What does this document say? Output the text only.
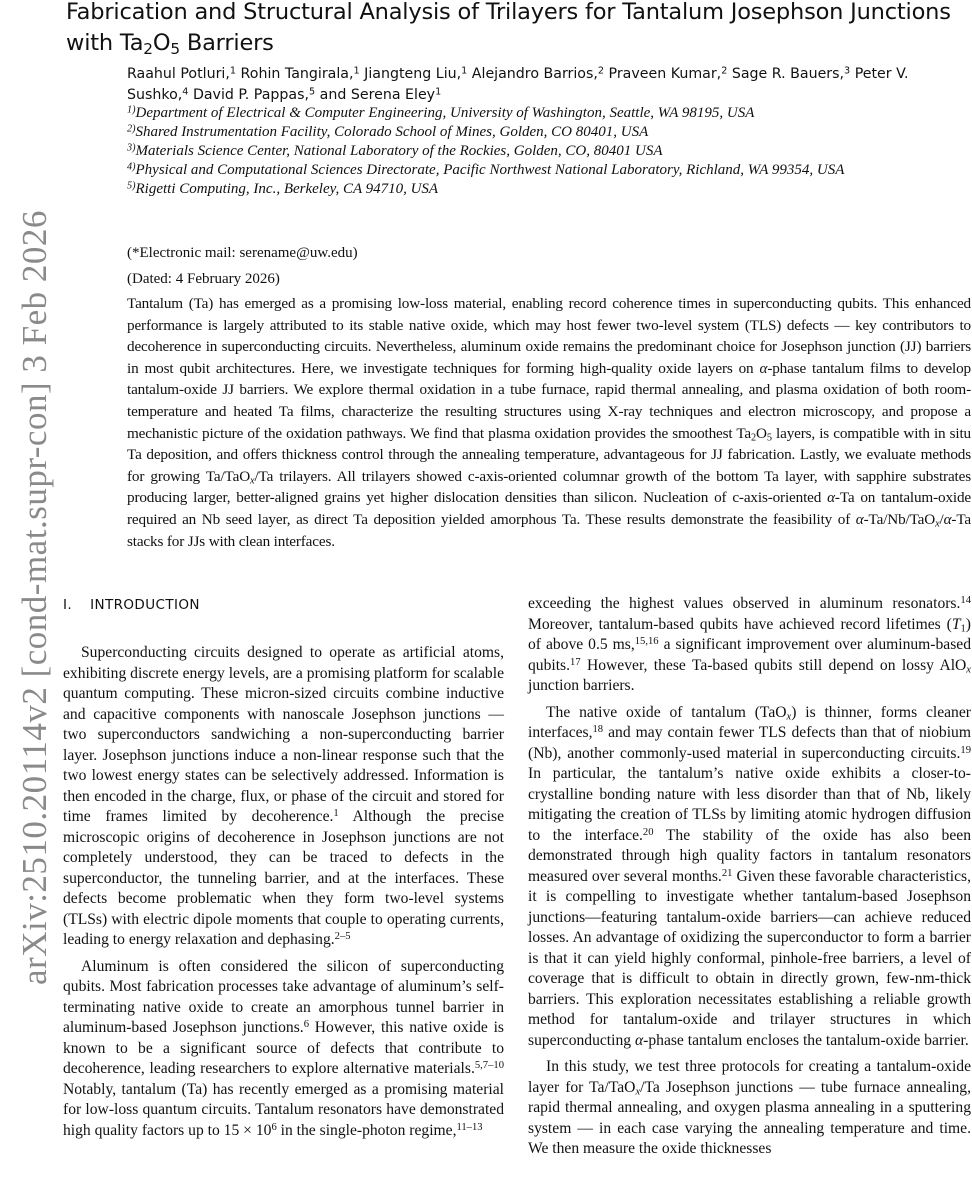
arXiv:2510.20114v2 [cond-mat.supr-con] 3 Feb 2026
Fabrication and Structural Analysis of Trilayers for Tantalum Josephson Junctions with $Ta_2O_5$ Barriers
Raahul Potluri,$^1$ Rohin Tangirala,$^1$ Jiangteng Liu,$^1$ Alejandro Barrios,$^2$ Praveen Kumar,$^2$ Sage R. Bauers,$^3$ Peter V. Sushko,$^4$ David P. Pappas,$^5$ and Serena Eley$^1$

$^{1)}$Department of Electrical & Computer Engineering, University of Washington, Seattle, WA 98195, USA

$^{2)}$Shared Instrumentation Facility, Colorado School of Mines, Golden, CO 80401, USA

$^{3)}$Materials Science Center, National Laboratory of the Rockies, Golden, CO, 80401 USA

$^{4)}$Physical and Computational Sciences Directorate, Pacific Northwest National Laboratory, Richland, WA 99354, USA

$^{5)}$Rigetti Computing, Inc., Berkeley, CA 94710, USA

(*Electronic mail: serename@uw.edu)
(Dated: 4 February 2026)

Tantalum (Ta) has emerged as a promising low-loss material, enabling record coherence times in superconducting qubits. This enhanced performance is largely attributed to its stable native oxide, which may host fewer two-level system (TLS) defects — key contributors to decoherence in superconducting circuits. Nevertheless, aluminum oxide remains the predominant choice for Josephson junction (JJ) barriers in most qubit architectures. Here, we investigate techniques for forming high-quality oxide layers on α-phase tantalum films to develop tantalum-oxide JJ barriers. We explore thermal oxidation in a tube furnace, rapid thermal annealing, and plasma oxidation of both room-temperature and heated Ta films, characterize the resulting structures using X-ray techniques and electron microscopy, and propose a mechanistic picture of the oxidation pathways. We find that plasma oxidation provides the smoothest $Ta_2O_5$ layers, is compatible with in situ Ta deposition, and offers thickness control through the annealing temperature, advantageous for JJ fabrication. Lastly, we evaluate methods for growing Ta/TaO$_x$/Ta trilayers. All trilayers showed c-axis-oriented columnar growth of the bottom Ta layer, with sapphire substrates producing larger, better-aligned grains yet higher dislocation densities than silicon. Nucleation of c-axis-oriented α-Ta on tantalum-oxide required an Nb seed layer, as direct Ta deposition yielded amorphous Ta. These results demonstrate the feasibility of α-Ta/Nb/TaO$_x$/α-Ta stacks for JJs with clean interfaces.

I. INTRODUCTION

Superconducting circuits designed to operate as artificial atoms, exhibiting discrete energy levels, are a promising platform for scalable quantum computing. These micron-sized circuits combine inductive and capacitive components with nanoscale Josephson junctions — two superconductors sandwiching a non-superconducting barrier layer. Josephson junctions induce a non-linear response such that the two lowest energy states can be selectively addressed. Information is then encoded in the charge, flux, or phase of the circuit and stored for time frames limited by decoherence.$^1$ Although the precise microscopic origins of decoherence in Josephson junctions are not completely understood, they can be traced to defects in the superconductor, the tunneling barrier, and at the interfaces. These defects become problematic when they form two-level systems (TLSs) with electric dipole moments that couple to operating currents, leading to energy relaxation and dephasing.$^{2-5}$

Aluminum is often considered the silicon of superconducting qubits. Most fabrication processes take advantage of aluminum’s self-terminating native oxide to create an amorphous tunnel barrier in aluminum-based Josephson junctions.$^6$ However, this native oxide is known to be a significant source of defects that contribute to decoherence, leading researchers to explore alternative materials.$^{5,7-10}$ Notably, tantalum (Ta) has recently emerged as a promising material for low-loss quantum circuits. Tantalum resonators have demonstrated high quality factors up to $15 \times 10^6$ in the single-photon regime,$^{11-13}$

exceeding the highest values observed in aluminum resonators.$^{14}$ Moreover, tantalum-based qubits have achieved record lifetimes $(T_1)$ of above 0.5 ms,$^{15,16}$ a significant improvement over aluminum-based qubits.$^{17}$ However, these Ta-based qubits still depend on lossy AlO$_x$ junction barriers.

The native oxide of tantalum (TaO$_x$) is thinner, forms cleaner interfaces,$^{18}$ and may contain fewer TLS defects than that of niobium (Nb), another commonly-used material in superconducting circuits.$^{19}$ In particular, the tantalum’s native oxide exhibits a closer-to-crystalline bonding nature with less disorder than that of Nb, likely mitigating the creation of TLSs by limiting atomic hydrogen diffusion to the interface.$^{20}$ The stability of the oxide has also been demonstrated through high quality factors in tantalum resonators measured over several months.$^{21}$ Given these favorable characteristics, it is compelling to investigate whether tantalum-based Josephson junctions—featuring tantalum-oxide barriers—can achieve reduced losses. An advantage of oxidizing the superconductor to form a barrier is that it can yield highly conformal, pinhole-free barriers, a level of coverage that is difficult to obtain in directly grown, few-nm-thick barriers. This exploration necessitates establishing a reliable growth method for tantalum-oxide and trilayer structures in which superconducting α-phase tantalum encloses the tantalum-oxide barrier.

In this study, we test three protocols for creating a tantalum-oxide layer for Ta/TaO$_x$/Ta Josephson junctions — tube furnace annealing, rapid thermal annealing, and oxygen plasma annealing in a sputtering system — in each case varying the annealing temperature and time. We then measure the oxide thicknesses
